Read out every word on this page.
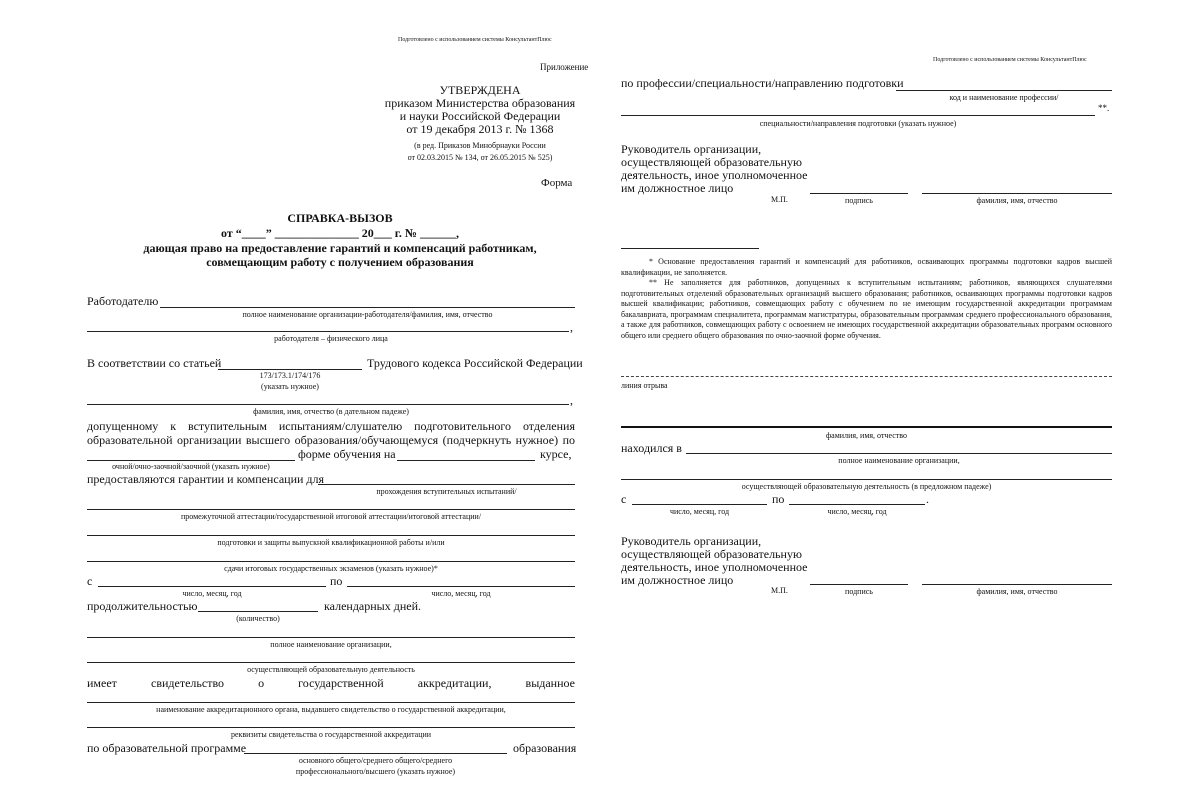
Подготовлено с использованием системы КонсультантПлюс
Приложение
УТВЕРЖДЕНА
приказом Министерства образования
и науки Российской Федерации
от 19 декабря 2013 г. № 1368
(в ред. Приказов Минобрнауки России
от 02.03.2015 № 134, от 26.05.2015 № 525)
Форма
СПРАВКА-ВЫЗОВ
от “____” ______________ 20___ г. № ______,
дающая право на предоставление гарантий и компенсаций работникам,
совмещающим работу с получением образования
Работодателю
полное наименование организации-работодателя/фамилия, имя, отчество
,
работодателя – физического лица
В соответствии со статьей	Трудового кодекса Российской Федерации
173/173.1/174/176
(указать нужное)
,
фамилия, имя, отчество (в дательном падеже)
допущенному к вступительным испытаниям/слушателю подготовительного отделения
образовательной организации высшего образования/обучающемуся (подчеркнуть нужное) по
форме обучения на	курсе,
очной/очно-заочной/заочной (указать нужное)
предоставляются гарантии и компенсации для
прохождения вступительных испытаний/
промежуточной аттестации/государственной итоговой аттестации/итоговой аттестации/
подготовки и защиты выпускной квалификационной работы и/или
сдачи итоговых государственных экзаменов (указать нужное)*
с	по
число, месяц, год	число, месяц, год
продолжительностью	календарных дней.
(количество)
полное наименование организации,
осуществляющей образовательную деятельность
имеет свидетельство о государственной аккредитации, выданное
наименование аккредитационного органа, выдавшего свидетельство о государственной аккредитации,
реквизиты свидетельства о государственной аккредитации
по образовательной программе	образования
основного общего/среднего общего/среднего
профессионального/высшего (указать нужное)
Подготовлено с использованием системы КонсультантПлюс
по профессии/специальности/направлению подготовки
код и наименование профессии/
**.
специальности/направления подготовки (указать нужное)
Руководитель организации,
осуществляющей образовательную
деятельность, иное уполномоченное
им должностное лицо
М.П.	подпись	фамилия, имя, отчество
* Основание предоставления гарантий и компенсаций для работников, осваивающих программы подготовки кадров высшей квалификации, не заполняется.
** Не заполняется для работников, допущенных к вступительным испытаниям; работников, являющихся слушателями подготовительных отделений образовательных организаций высшего образования; работников, осваивающих программы подготовки кадров высшей квалификации; работников, совмещающих работу с обучением по не имеющим государственной аккредитации программам бакалавриата, программам специалитета, программам магистратуры, образовательным программам среднего профессионального образования, а также для работников, совмещающих работу с освоением не имеющих государственной аккредитации образовательных программ основного общего или среднего общего образования по очно-заочной форме обучения.
линия отрыва
фамилия, имя, отчество
находился в
полное наименование организации,
осуществляющей образовательную деятельность (в предложном падеже)
с	по	.
число, месяц, год	число, месяц, год
Руководитель организации,
осуществляющей образовательную
деятельность, иное уполномоченное
им должностное лицо
М.П.	подпись	фамилия, имя, отчество
